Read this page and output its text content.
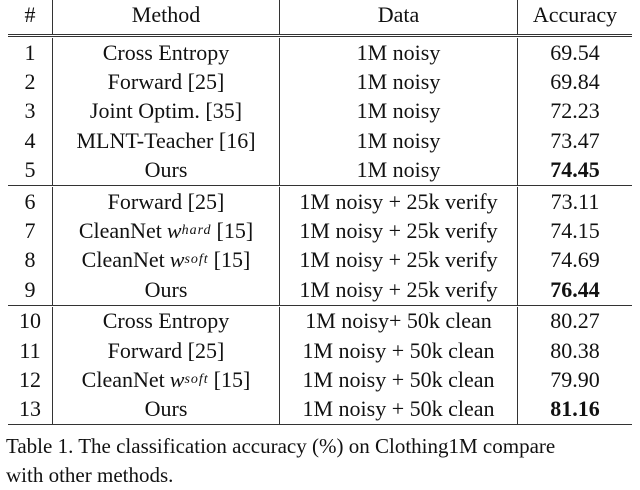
#	Method	Data	Accuracy
1	Cross Entropy	1M noisy	69.54
2	Forward [25]	1M noisy	69.84
3	Joint Optim. [35]	1M noisy	72.23
4	MLNT-Teacher [16]	1M noisy	73.47
5	Ours	1M noisy	74.45
6	Forward [25]	1M noisy + 25k verify	73.11
7	CleanNet w hard [15]	1M noisy + 25k verify	74.15
8	CleanNet w soft [15]	1M noisy + 25k verify	74.69
9	Ours	1M noisy + 25k verify	76.44
10	Cross Entropy	1M noisy+ 50k clean	80.27
11	Forward [25]	1M noisy + 50k clean	80.38
12	CleanNet w soft [15]	1M noisy + 50k clean	79.90
13	Ours	1M noisy + 50k clean	81.16
Table 1. The classification accuracy (%) on Clothing1M compare
with other methods.
